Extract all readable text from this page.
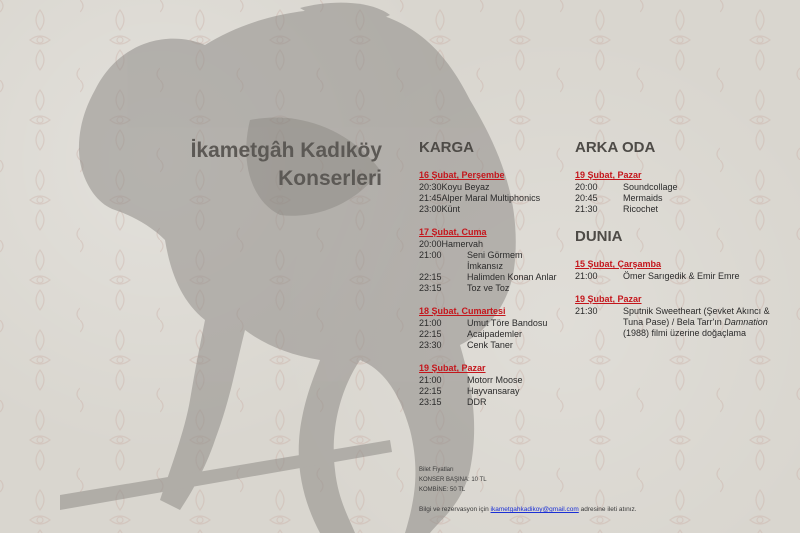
İkametgâh Kadıköy
Konserleri
KARGA
16 Şubat, Perşembe
20:30 Koyu Beyaz
21:45 Alper Maral Multiphonics
23:00 Künt
17 Şubat, Cuma
20:00 Hamervah
21:00	Seni Görmem İmkansız
22:15	Halimden Konan Anlar
23:15	Toz ve Toz
18 Şubat, Cumartesi
21:00	Umut Töre Bandosu
22:15	Acaipademler
23:30	Cenk Taner
19 Şubat, Pazar
21:00	Motorr Moose
22:15	Hayvansaray
23:15	DDR
ARKA ODA
19 Şubat, Pazar
20:00	Soundcollage
20:45	Mermaids
21:30	Ricochet
DUNIA
15 Şubat, Çarşamba
21:00	Ömer Sarıgedik & Emir Emre
19 Şubat, Pazar
21:30	Sputnik Sweetheart (Şevket Akıncı & Tuna Pase) / Bela Tarr'ın Damnation (1988) filmi üzerine doğaçlama
Bilet Fiyatları
KONSER BAŞINA: 10 TL
KOMBİNE: 50 TL
Bilgi ve rezervasyon için ikametgahkadikoy@gmail.com adresine ileti atınız.
